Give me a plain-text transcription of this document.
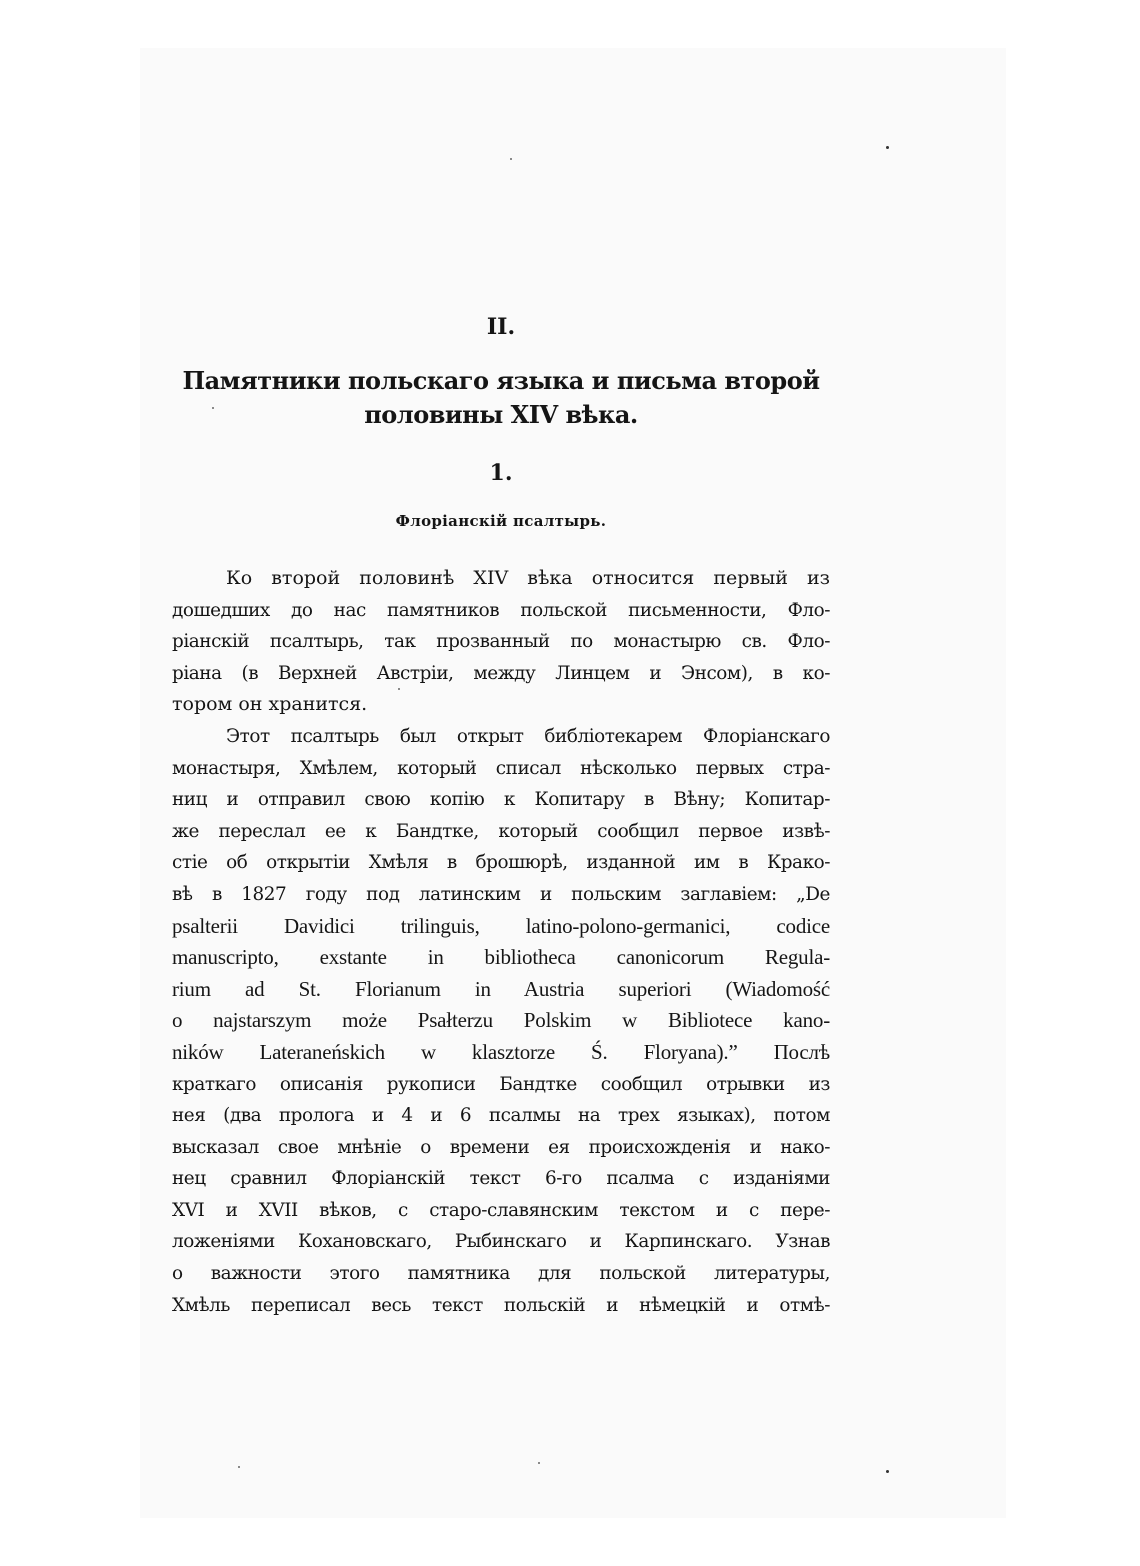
II.
Памятники польскаго языка и письма второй
половины XIV вѣка.
1.
Флоріанскій псалтырь.

Ко второй половинѣ XIV вѣка относится первый из
дошедших до нас памятников польской письменности, Фло-
ріанскій псалтырь, так прозванный по монастырю св. Фло-
ріана (в Верхней Австріи, между Линцем и Энсом), в ко-
тором он хранится.

Этот псалтырь был открыт библіотекарем Флоріанскаго
монастыря, Хмѣлем, который списал нѣсколько первых стра-
ниц и отправил свою копію к Копитару в Вѣну; Копитар-
же переслал ее к Бандтке, который сообщил первое извѣ-
стіе об открытіи Хмѣля в брошюрѣ, изданной им в Крако-
вѣ в 1827 году под латинским и польским заглавіем: „De
psalterii Davidici trilinguis, latino-polono-germanici, codice
manuscripto, exstante in bibliotheca canonicorum Regula-
rium ad St. Florianum in Austria superiori (Wiadomość
o najstarszym może Psałterzu Polskim w Bibliotece kano-
ników Lateraneńskich w klasztorze Ś. Floryana).” Послѣ
краткаго описанія рукописи Бандтке сообщил отрывки из
нея (два пролога и 4 и 6 псалмы на трех языках), потом
высказал свое мнѣніе о времени ея происхожденія и нако-
нец сравнил Флоріанскій текст 6-го псалма с изданіями
XVI и XVII вѣков, с старо-славянским текстом и с пере-
ложеніями Кохановскаго, Рыбинскаго и Карпинскаго. Узнав
о важности этого памятника для польской литературы,
Хмѣль переписал весь текст польскій и нѣмецкій и отмѣ-
